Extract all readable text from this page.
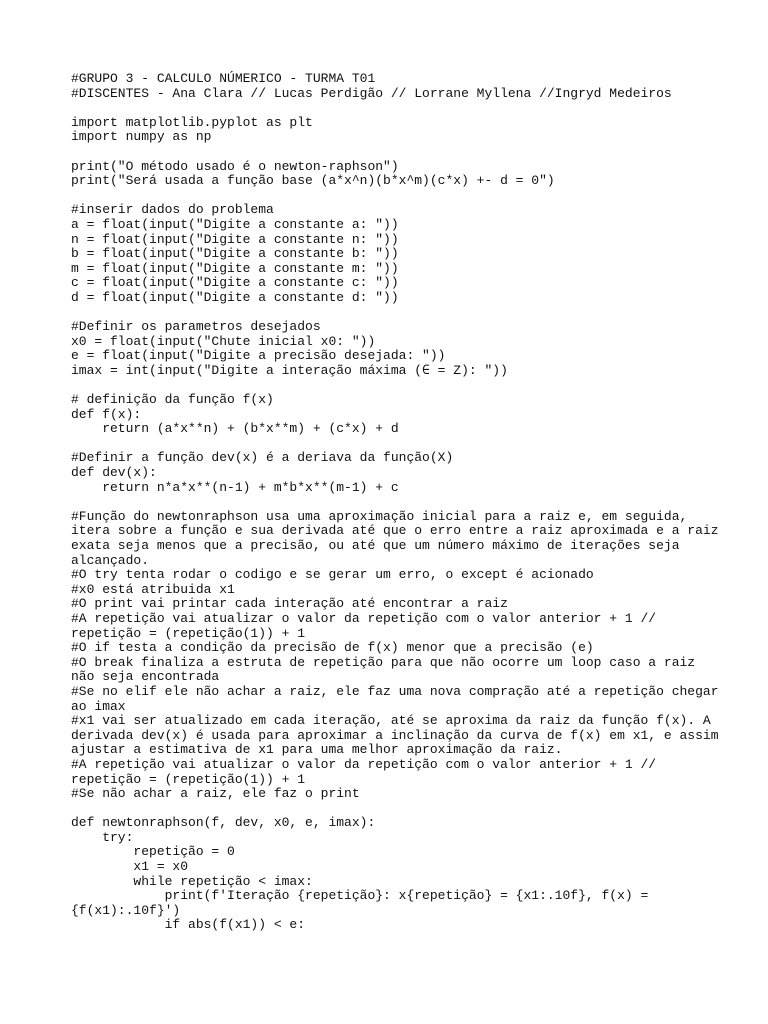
#GRUPO 3 - CALCULO NÚMERICO - TURMA T01
#DISCENTES - Ana Clara // Lucas Perdigão // Lorrane Myllena //Ingryd Medeiros
import matplotlib.pyplot as plt
import numpy as np
print("O método usado é o newton-raphson")
print("Será usada a função base (a*x^n)(b*x^m)(c*x) +- d = 0")
#inserir dados do problema
a = float(input("Digite a constante a: "))
n = float(input("Digite a constante n: "))
b = float(input("Digite a constante b: "))
m = float(input("Digite a constante m: "))
c = float(input("Digite a constante c: "))
d = float(input("Digite a constante d: "))
#Definir os parametros desejados
x0 = float(input("Chute inicial x0: "))
e = float(input("Digite a precisão desejada: "))
imax = int(input("Digite a interação máxima (∈ = Z): "))
# definição da função f(x)
def f(x):
return (a*x**n) + (b*x**m) + (c*x) + d
#Definir a função dev(x) é a deriava da função(X)
def dev(x):
return n*a*x**(n-1) + m*b*x**(m-1) + c
#Função do newtonraphson usa uma aproximação inicial para a raiz e, em seguida,
itera sobre a função e sua derivada até que o erro entre a raiz aproximada e a raiz
exata seja menos que a precisão, ou até que um número máximo de iterações seja
alcançado.
#O try tenta rodar o codigo e se gerar um erro, o except é acionado
#x0 está atribuida x1
#O print vai printar cada interação até encontrar a raiz
#A repetição vai atualizar o valor da repetição com o valor anterior + 1 //
repetição = (repetição(1)) + 1
#O if testa a condição da precisão de f(x) menor que a precisão (e)
#O break finaliza a estruta de repetição para que não ocorre um loop caso a raiz
não seja encontrada
#Se no elif ele não achar a raiz, ele faz uma nova compração até a repetição chegar
ao imax
#x1 vai ser atualizado em cada iteração, até se aproxima da raiz da função f(x). A
derivada dev(x) é usada para aproximar a inclinação da curva de f(x) em x1, e assim
ajustar a estimativa de x1 para uma melhor aproximação da raiz.
#A repetição vai atualizar o valor da repetição com o valor anterior + 1 //
repetição = (repetição(1)) + 1
#Se não achar a raiz, ele faz o print
def newtonraphson(f, dev, x0, e, imax):
try:
repetição = 0
x1 = x0
while repetição < imax:
print(f'Iteração {repetição}: x{repetição} = {x1:.10f}, f(x) =
{f(x1):.10f}')
if abs(f(x1)) < e:
